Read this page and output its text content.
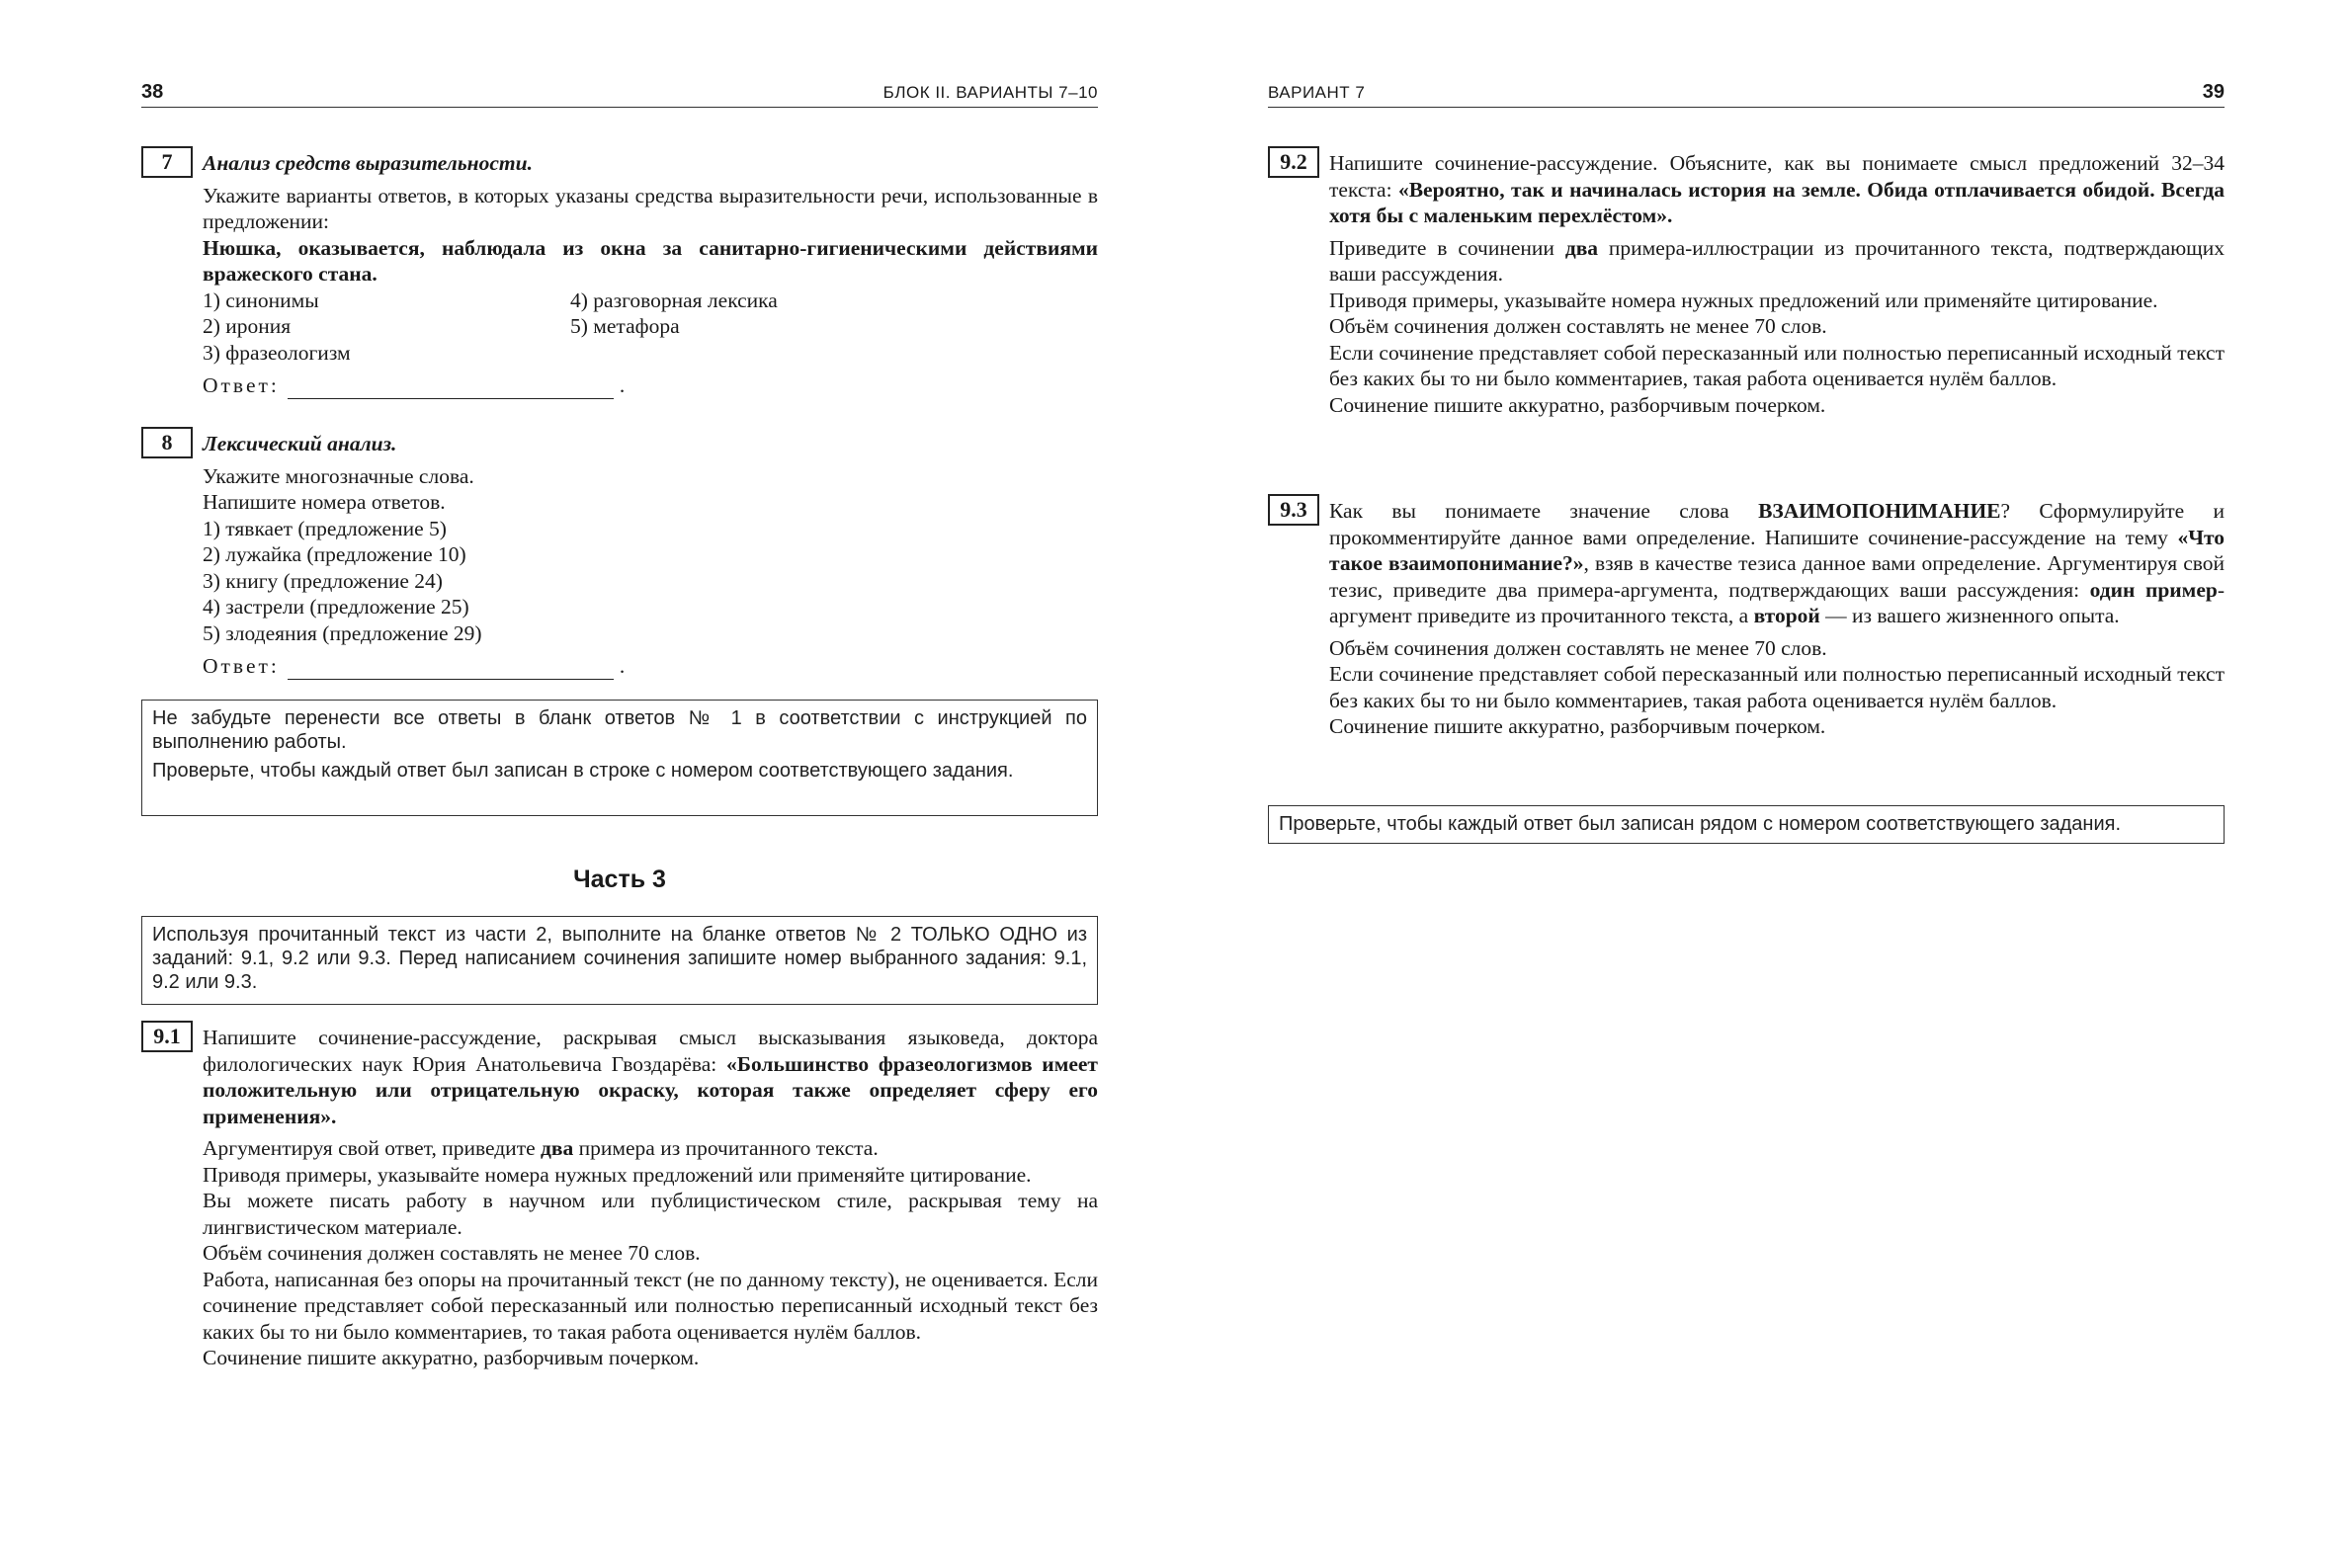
38	БЛОК II. ВАРИАНТЫ 7–10
7	Анализ средств выразительности.

Укажите варианты ответов, в которых указаны средства выразительности речи, использованные в предложении:

Нюшка, оказывается, наблюдала из окна за санитарно-гигиеническими действиями вражеского стана.

1) синонимы	4) разговорная лексика
2) ирония	5) метафора
3) фразеологизм
Ответ:	.
8	Лексический анализ.

Укажите многозначные слова.

Напишите номера ответов.

1) тявкает (предложение 5)
2) лужайка (предложение 10)
3) книгу (предложение 24)
4) застрели (предложение 25)
5) злодеяния (предложение 29)
Ответ:	.

Не забудьте перенести все ответы в бланк ответов № 1 в соответствии с инструкцией по выполнению работы.

Проверьте, чтобы каждый ответ был записан в строке с номером соответствующего задания.

Часть 3

Используя прочитанный текст из части 2, выполните на бланке ответов № 2 ТОЛЬКО ОДНО из заданий: 9.1, 9.2 или 9.3. Перед написанием сочинения запишите номер выбранного задания: 9.1, 9.2 или 9.3.

9.1	Напишите сочинение-рассуждение, раскрывая смысл высказывания языковеда, доктора филологических наук Юрия Анатольевича Гвоздарёва: «Большинство фразеологизмов имеет положительную или отрицательную окраску, которая также определяет сферу его применения».

Аргументируя свой ответ, приведите два примера из прочитанного текста.

Приводя примеры, указывайте номера нужных предложений или применяйте цитирование.

Вы можете писать работу в научном или публицистическом стиле, раскрывая тему на лингвистическом материале.

Объём сочинения должен составлять не менее 70 слов.

Работа, написанная без опоры на прочитанный текст (не по данному тексту), не оценивается. Если сочинение представляет собой пересказанный или полностью переписанный исходный текст без каких бы то ни было комментариев, то такая работа оценивается нулём баллов.

Сочинение пишите аккуратно, разборчивым почерком.

ВАРИАНТ 7	39
9.2	Напишите сочинение-рассуждение. Объясните, как вы понимаете смысл предложений 32–34 текста: «Вероятно, так и начиналась история на земле. Обида отплачивается обидой. Всегда хотя бы с маленьким перехлёстом».

Приведите в сочинении два примера-иллюстрации из прочитанного текста, подтверждающих ваши рассуждения.

Приводя примеры, указывайте номера нужных предложений или применяйте цитирование.

Объём сочинения должен составлять не менее 70 слов.

Если сочинение представляет собой пересказанный или полностью переписанный исходный текст без каких бы то ни было комментариев, такая работа оценивается нулём баллов.

Сочинение пишите аккуратно, разборчивым почерком.

9.3	Как вы понимаете значение слова ВЗАИМОПОНИМАНИЕ? Сформулируйте и прокомментируйте данное вами определение. Напишите сочинение-рассуждение на тему «Что такое взаимопонимание?», взяв в качестве тезиса данное вами определение. Аргументируя свой тезис, приведите два примера-аргумента, подтверждающих ваши рассуждения: один пример-аргумент приведите из прочитанного текста, а второй — из вашего жизненного опыта.

Объём сочинения должен составлять не менее 70 слов.

Если сочинение представляет собой пересказанный или полностью переписанный исходный текст без каких бы то ни было комментариев, такая работа оценивается нулём баллов.

Сочинение пишите аккуратно, разборчивым почерком.

Проверьте, чтобы каждый ответ был записан рядом с номером соответствующего задания.
